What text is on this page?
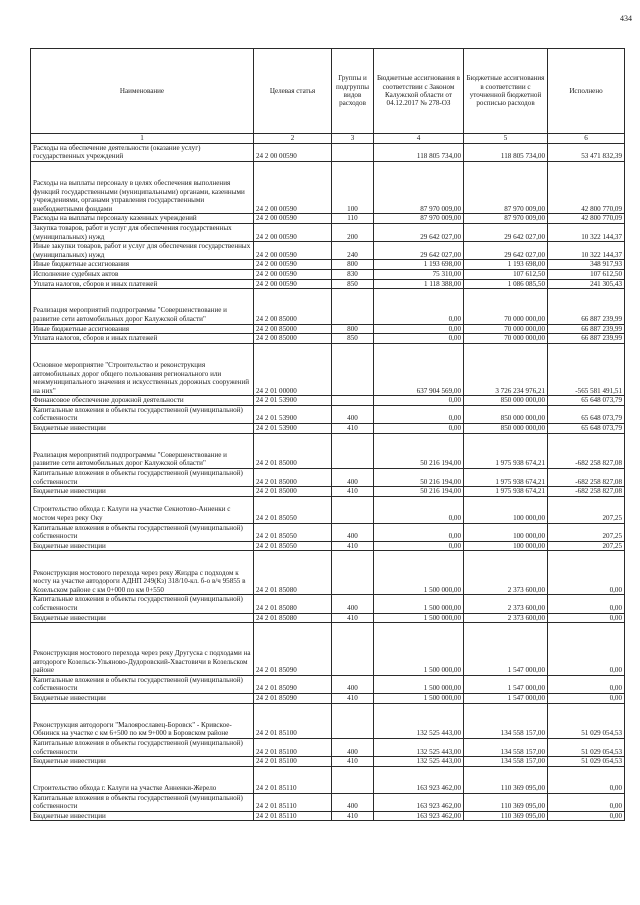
434
Наименование	Целевая статья	Группы и подгруппы видов расходов	Бюджетные ассигнования в соответствии с Законом Калужской области от 04.12.2017 № 278-ОЗ	Бюджетные ассигнования в соответствии с уточненной бюджетной росписью расходов	Исполнено
1	2	3	4	5	6
Расходы на обеспечение деятельности (оказание услуг) государственных учреждений	24 2 00 00590		118 805 734,00	118 805 734,00	53 471 832,39
Расходы на выплаты персоналу в целях обеспечения выполнения функций государственными (муниципальными) органами, казенными учреждениями, органами управления государственными внебюджетными фондами	24 2 00 00590	100	87 970 009,00	87 970 009,00	42 800 770,09
Расходы на выплаты персоналу казенных учреждений	24 2 00 00590	110	87 970 009,00	87 970 009,00	42 800 770,09
Закупка товаров, работ и услуг для обеспечения государственных (муниципальных) нужд	24 2 00 00590	200	29 642 027,00	29 642 027,00	10 322 144,37
Иные закупки товаров, работ и услуг для обеспечения государственных (муниципальных) нужд	24 2 00 00590	240	29 642 027,00	29 642 027,00	10 322 144,37
Иные бюджетные ассигнования	24 2 00 00590	800	1 193 698,00	1 193 698,00	348 917,93
Исполнение судебных актов	24 2 00 00590	830	75 310,00	107 612,50	107 612,50
Уплата налогов, сборов и иных платежей	24 2 00 00590	850	1 118 388,00	1 086 085,50	241 305,43
Реализация мероприятий подпрограммы "Совершенствование и развитие сети автомобильных дорог Калужской области"	24 2 00 85000		0,00	70 000 000,00	66 887 239,99
Иные бюджетные ассигнования	24 2 00 85000	800	0,00	70 000 000,00	66 887 239,99
Уплата налогов, сборов и иных платежей	24 2 00 85000	850	0,00	70 000 000,00	66 887 239,99
Основное мероприятие "Строительство и реконструкция автомобильных дорог общего пользования регионального или межмуниципального значения и искусственных дорожных сооружений на них"	24 2 01 00000		637 904 569,00	3 726 234 976,21	-565 581 491,51
Финансовое обеспечение дорожной деятельности	24 2 01 53900		0,00	850 000 000,00	65 648 073,79
Капитальные вложения в объекты государственной (муниципальной) собственности	24 2 01 53900	400	0,00	850 000 000,00	65 648 073,79
Бюджетные инвестиции	24 2 01 53900	410	0,00	850 000 000,00	65 648 073,79
Реализация мероприятий подпрограммы "Совершенствование и развитие сети автомобильных дорог Калужской области"	24 2 01 85000		50 216 194,00	1 975 938 674,21	-682 258 827,08
Капитальные вложения в объекты государственной (муниципальной) собственности	24 2 01 85000	400	50 216 194,00	1 975 938 674,21	-682 258 827,08
Бюджетные инвестиции	24 2 01 85000	410	50 216 194,00	1 975 938 674,21	-682 258 827,08
Строительство обхода г. Калуги на участке Секиотово-Анненки с мостом через реку Оку	24 2 01 85050		0,00	100 000,00	207,25
Капитальные вложения в объекты государственной (муниципальной) собственности	24 2 01 85050	400	0,00	100 000,00	207,25
Бюджетные инвестиции	24 2 01 85050	410	0,00	100 000,00	207,25
Реконструкция мостового перехода через реку Жиздра с подходом к мосту на участке автодороги АДНП 249(Кз) 318/10-кл. б-о в/ч 95855 в Козельском районе с км 0+000 по км 0+550	24 2 01 85080		1 500 000,00	2 373 600,00	0,00
Капитальные вложения в объекты государственной (муниципальной) собственности	24 2 01 85080	400	1 500 000,00	2 373 600,00	0,00
Бюджетные инвестиции	24 2 01 85080	410	1 500 000,00	2 373 600,00	0,00
Реконструкция мостового перехода через реку Другуска с подходами на автодороге Козельск-Ульяново-Дудоровский-Хвастовичи в Козельском районе	24 2 01 85090		1 500 000,00	1 547 000,00	0,00
Капитальные вложения в объекты государственной (муниципальной) собственности	24 2 01 85090	400	1 500 000,00	1 547 000,00	0,00
Бюджетные инвестиции	24 2 01 85090	410	1 500 000,00	1 547 000,00	0,00
Реконструкция автодороги "Малоярославец-Боровск" - Кривское-Обнинск на участке с км 6+500 по км 9+000 в Боровском районе	24 2 01 85100		132 525 443,00	134 558 157,00	51 029 054,53
Капитальные вложения в объекты государственной (муниципальной) собственности	24 2 01 85100	400	132 525 443,00	134 558 157,00	51 029 054,53
Бюджетные инвестиции	24 2 01 85100	410	132 525 443,00	134 558 157,00	51 029 054,53
Строительство обхода г. Калуги на участке Анненки-Жерело	24 2 01 85110		163 923 462,00	110 369 095,00	0,00
Капитальные вложения в объекты государственной (муниципальной) собственности	24 2 01 85110	400	163 923 462,00	110 369 095,00	0,00
Бюджетные инвестиции	24 2 01 85110	410	163 923 462,00	110 369 095,00	0,00
